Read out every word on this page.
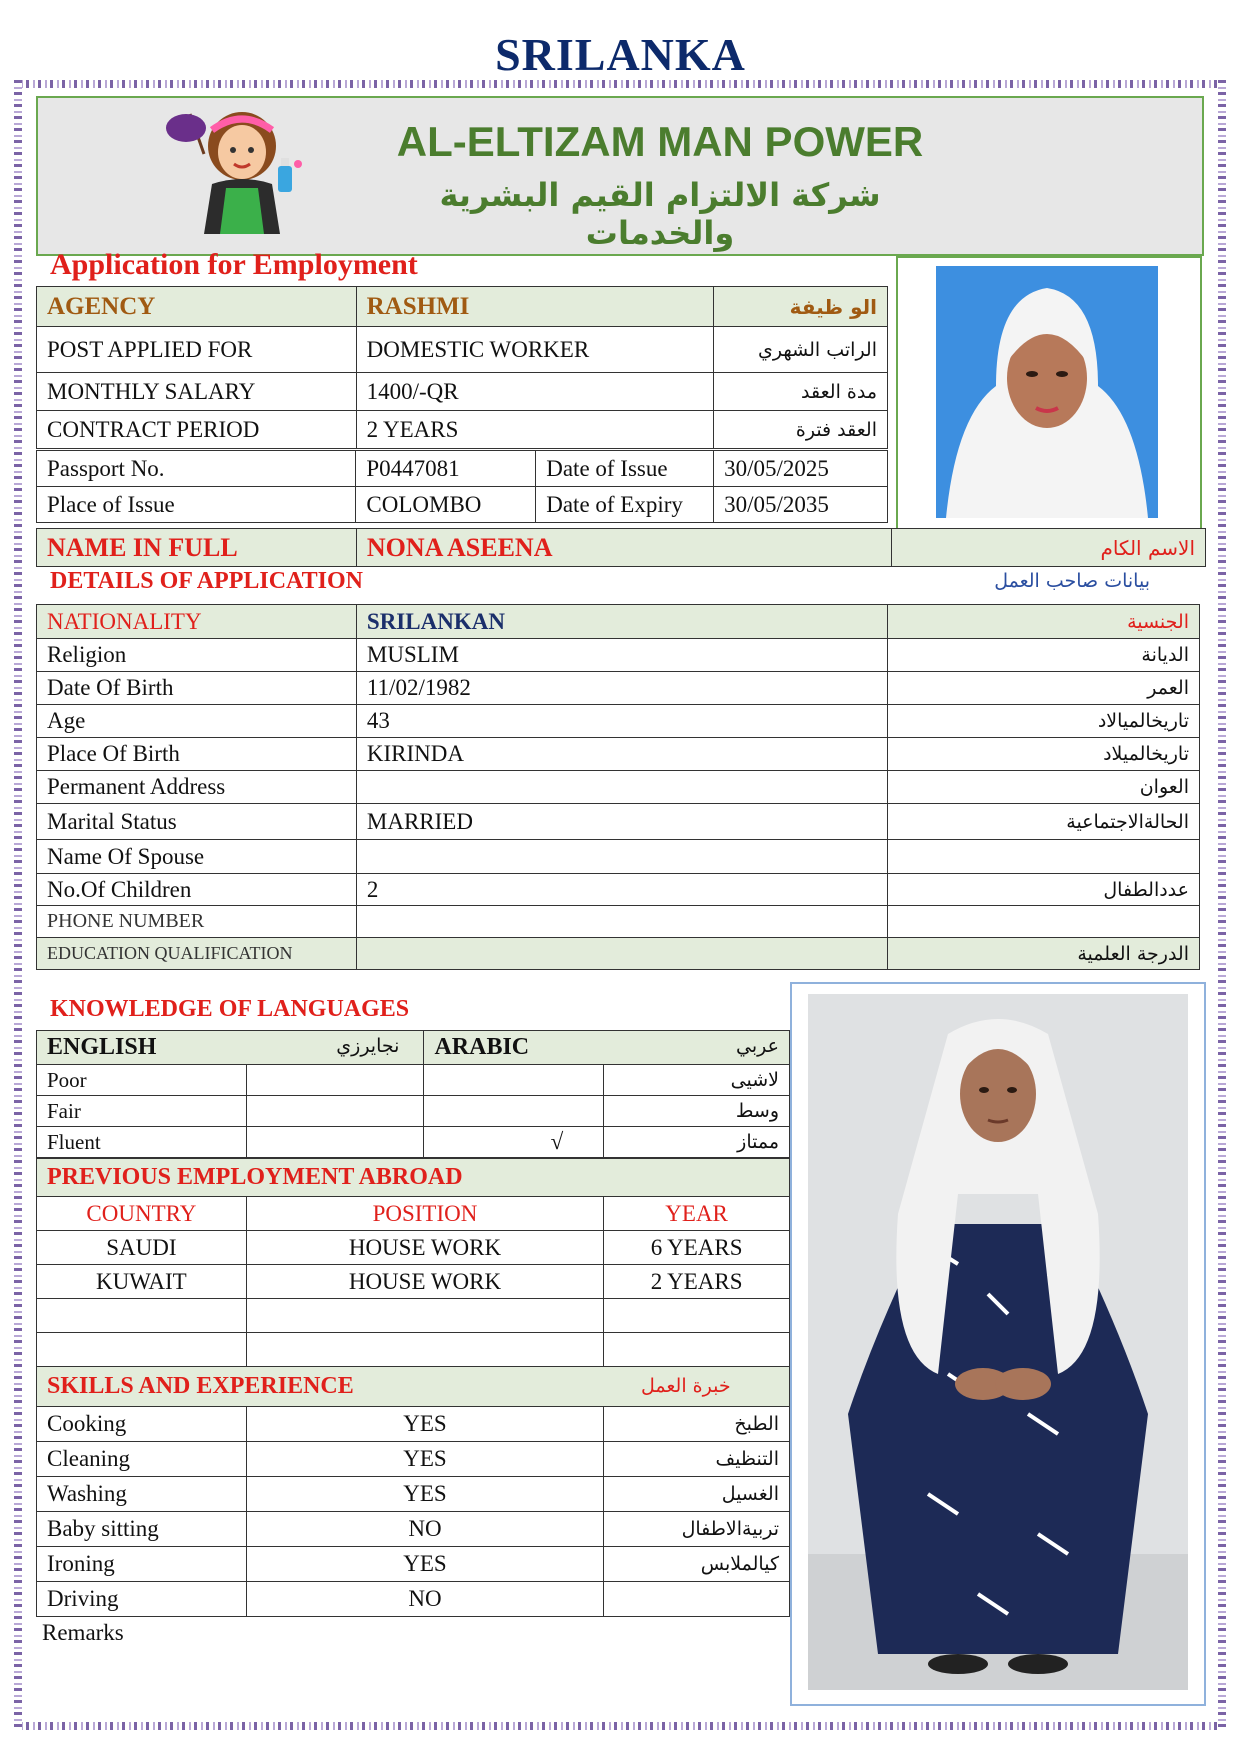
SRILANKA
AL-ELTIZAM MAN POWER
شركة الالتزام القيم البشرية والخدمات
Application for Employment
AGENCY	RASHMI	الو ظيفة
POST APPLIED FOR	DOMESTIC WORKER	الراتب الشهري
MONTHLY SALARY	1400/-QR	مدة العقد
CONTRACT PERIOD	2 YEARS	العقد فترة
Passport No.	P0447081	Date of Issue	30/05/2025
Place of Issue	COLOMBO	Date of Expiry	30/05/2035
NAME IN FULL	NONA ASEENA	الاسم الكام
DETAILS OF APPLICATION	بيانات صاحب العمل
NATIONALITY	SRILANKAN	الجنسية
Religion	MUSLIM	الديانة
Date Of Birth	11/02/1982	العمر
Age	43	تاريخالميالاد
Place Of Birth	KIRINDA	تاريخالميلاد
Permanent Address		العوان
Marital Status	MARRIED	الحالةالاجتماعية
Name Of Spouse		
No.Of Children	2	عددالطفال
PHONE NUMBER		
EDUCATION QUALIFICATION		الدرجة العلمية
KNOWLEDGE OF LANGUAGES
ENGLISH نجايرزي		ARABIC عربي	

Poor			لاشيى
Fair			وسط
Fluent		√	ممتاز
PREVIOUS EMPLOYMENT ABROAD		
COUNTRY	POSITION	YEAR
SAUDI	HOUSE WORK	6 YEARS
KUWAIT	HOUSE WORK	2 YEARS

SKILLS AND EXPERIENCE خبرة العمل		

Cooking	YES	الطبخ
Cleaning	YES	التنظيف
Washing	YES	الغسيل
Baby sitting	NO	تربيةالاطفال
Ironing	YES	كيالملابس
Driving	NO	
Remarks
